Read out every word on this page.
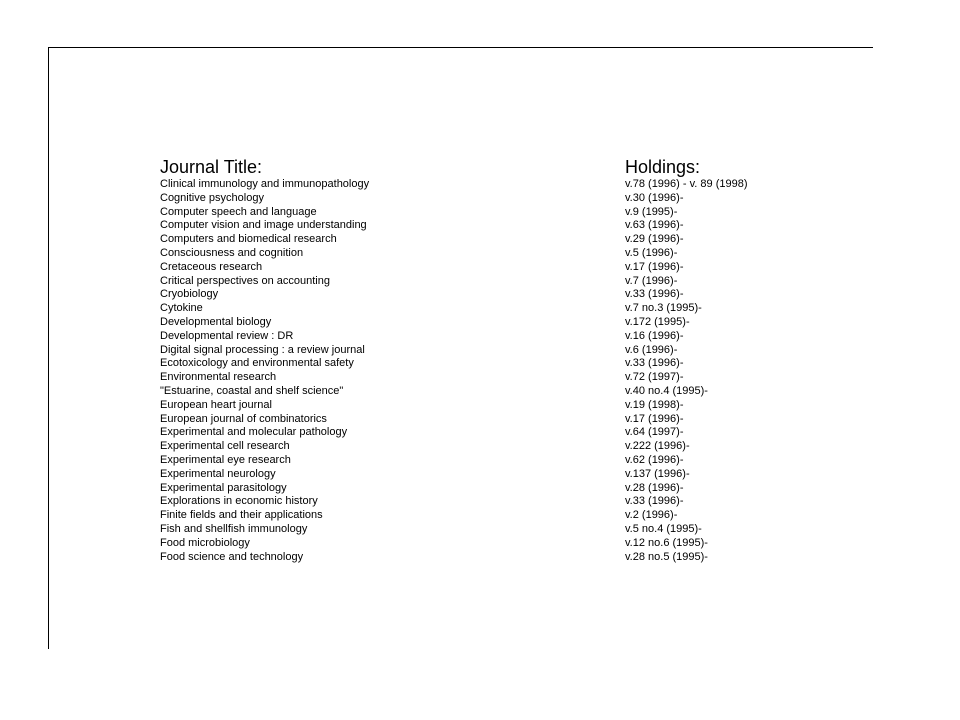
Journal Title:	Holdings:
Clinical immunology and immunopathology	v.78 (1996) - v. 89 (1998)
Cognitive psychology	v.30 (1996)-
Computer speech and language	v.9 (1995)-
Computer vision and image understanding	v.63 (1996)-
Computers and biomedical research	v.29 (1996)-
Consciousness and cognition	v.5 (1996)-
Cretaceous research	v.17 (1996)-
Critical perspectives on accounting	v.7 (1996)-
Cryobiology	v.33 (1996)-
Cytokine	v.7 no.3 (1995)-
Developmental biology	v.172 (1995)-
Developmental review : DR	v.16 (1996)-
Digital signal processing : a review journal	v.6 (1996)-
Ecotoxicology and environmental safety	v.33 (1996)-
Environmental research	v.72 (1997)-
"Estuarine, coastal and shelf science"	v.40 no.4 (1995)-
European heart journal	v.19 (1998)-
European journal of combinatorics	v.17 (1996)-
Experimental and molecular pathology	v.64 (1997)-
Experimental cell research	v.222 (1996)-
Experimental eye research	v.62 (1996)-
Experimental neurology	v.137 (1996)-
Experimental parasitology	v.28 (1996)-
Explorations in economic history	v.33 (1996)-
Finite fields and their applications	v.2 (1996)-
Fish and shellfish immunology	v.5 no.4 (1995)-
Food microbiology	v.12 no.6 (1995)-
Food science and technology	v.28 no.5 (1995)-
